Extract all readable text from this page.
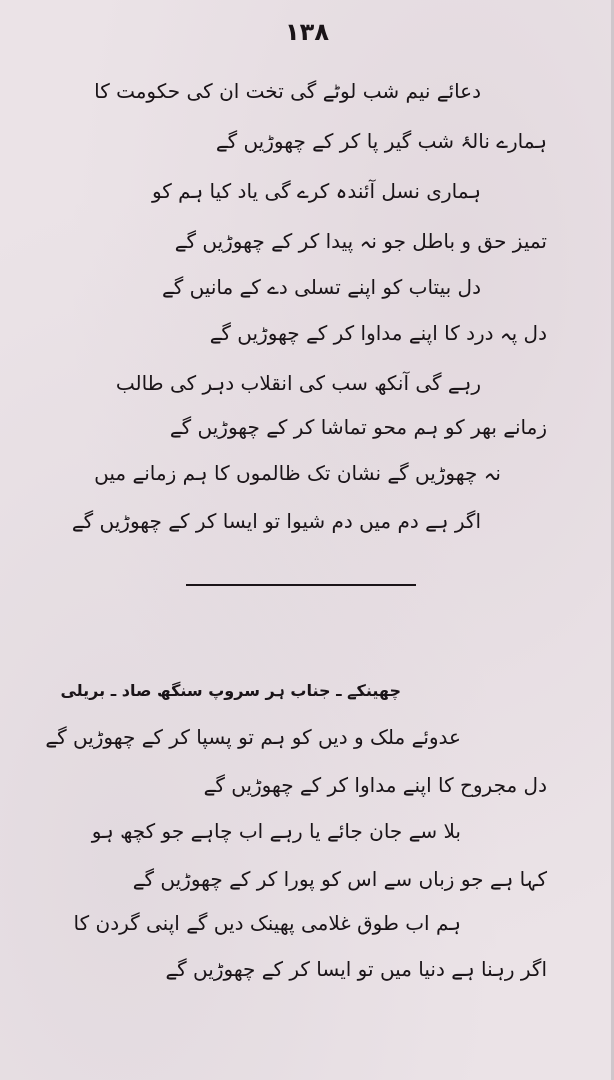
۱۳۸
دعائے نیم شب لوٹے گی تخت ان کی حکومت کا
ہمارے نالۂ شب گیر پا کر کے چھوڑیں گے
ہماری نسل آئندہ کرے گی یاد کیا ہم کو
تمیز حق و باطل جو نہ پیدا کر کے چھوڑیں گے
دل بیتاب کو اپنے تسلی دے کے مانیں گے
دل پہ درد کا اپنے مداوا کر کے چھوڑیں گے
رہے گی آنکھ سب کی انقلاب دہر کی طالب
زمانے بھر کو ہم محو تماشا کر کے چھوڑیں گے
نہ چھوڑیں گے نشان تک ظالموں کا ہم زمانے میں
اگر ہے دم میں دم شیوا تو ایسا کر کے چھوڑیں گے
چھینکے ـ جناب ہر سروپ سنگھ صاد ـ بریلی
عدوئے ملک و دیں کو ہم تو پسپا کر کے چھوڑیں گے
دل مجروح کا اپنے مداوا کر کے چھوڑیں گے
بلا سے جان جائے یا رہے اب چاہے جو کچھ ہو
کہا ہے جو زباں سے اس کو پورا کر کے چھوڑیں گے
ہم اب طوق غلامی پھینک دیں گے اپنی گردن کا
اگر رہنا ہے دنیا میں تو ایسا کر کے چھوڑیں گے
